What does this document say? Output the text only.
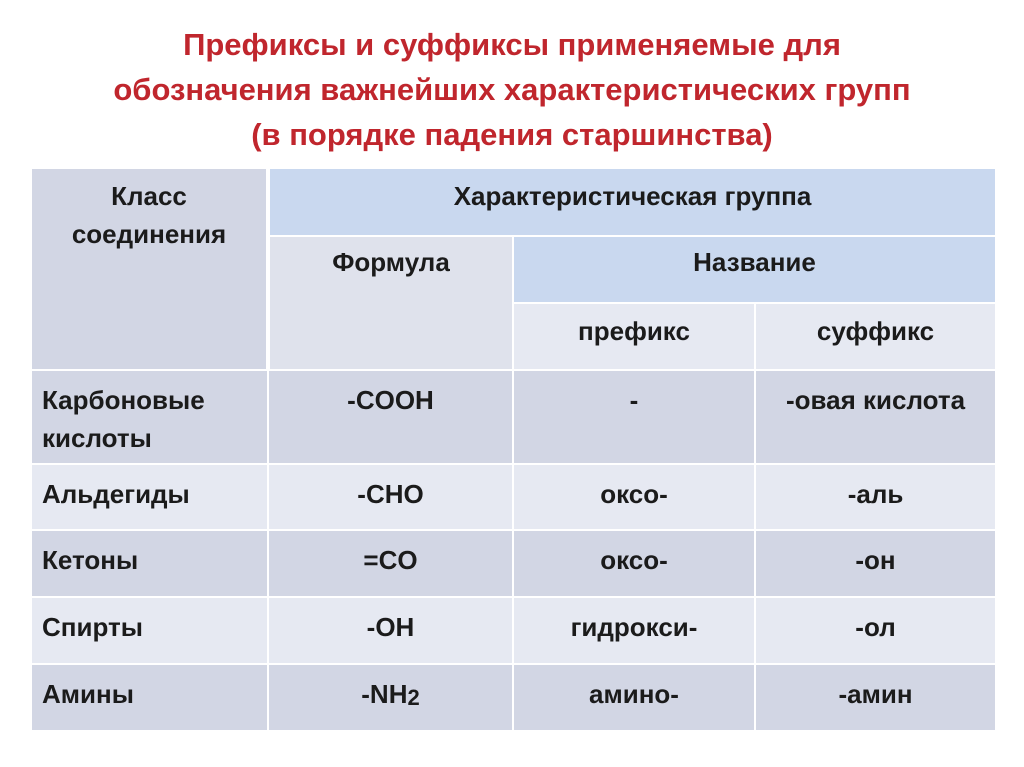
Префиксы и суффиксы применяемые для
обозначения важнейших характеристических групп
(в порядке падения старшинства)
Класс
соединения	Характеристическая группа		
	Формула	Название	
		префикс	суффикс

Карбоновые
кислоты	-COOH	-	-овая кислота
Альдегиды	-CHO	оксо-	-аль
Кетоны	=CO	оксо-	-он
Спирты	-OH	гидрокси-	-ол
Амины	$-NH_2$	амино-	-амин
